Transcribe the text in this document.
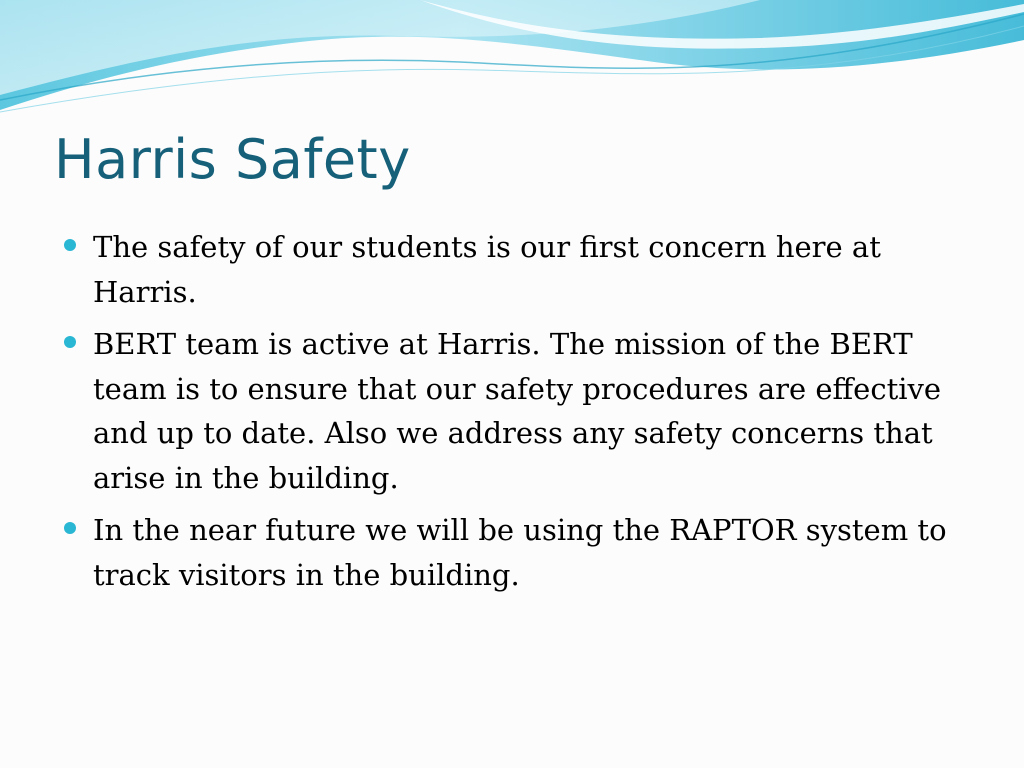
Harris Safety
The safety of our students is our first concern here at Harris.
BERT team is active at Harris. The mission of the BERT team is to ensure that our safety procedures are effective and up to date. Also we address any safety concerns that arise in the building.
In the near future we will be using the RAPTOR system to track visitors in the building.
